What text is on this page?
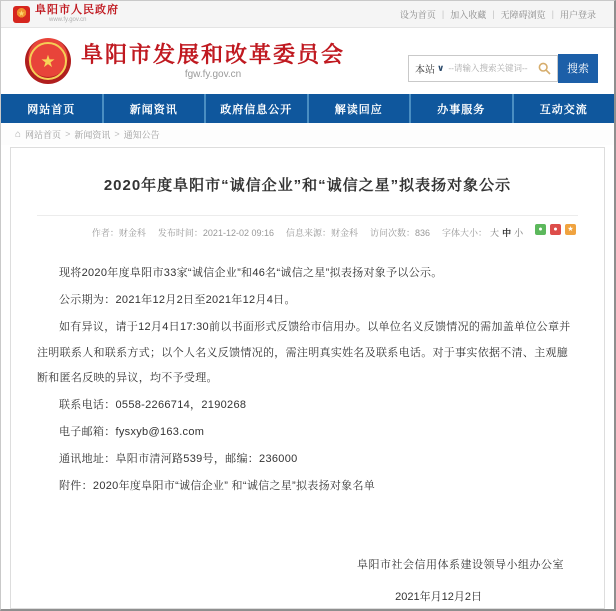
★ 阜阳市人民政府
www.fy.gov.cn
设为首页 | 加入收藏 | 无障碍浏览 | 用户登录
★ 阜阳市发展和改革委员会
fgw.fy.gov.cn	本站 ∨
--请输入搜索关键词--	搜索
网站首页	新闻资讯	政府信息公开	解读回应	办事服务	互动交流
⌂ 网站首页 > 新闻资讯 > 通知公告
2020年度阜阳市“诚信企业”和“诚信之星”拟表扬对象公示
作者：财金科 发布时间：2021-12-02 09:16 信息来源：财金科 访问次数：836 字体大小： 大 中 小	●	●	★

现将2020年度阜阳市33家“诚信企业”和46名“诚信之星”拟表扬对象予以公示。

公示期为：2021年12月2日至2021年12月4日。

如有异议，请于12月4日17:30前以书面形式反馈给市信用办。以单位名义反馈情况的需加盖单位公章并注明联系人和联系方式；以个人名义反馈情况的，需注明真实姓名及联系电话。对于事实依据不清、主观臆断和匿名反映的异议，均不予受理。

联系电话：0558-2266714，2190268

电子邮箱：fysxyb@163.com

通讯地址：阜阳市清河路539号，邮编：236000

附件：2020年度阜阳市“诚信企业” 和“诚信之星”拟表扬对象名单

阜阳市社会信用体系建设领导小组办公室
2021年月12月2日
